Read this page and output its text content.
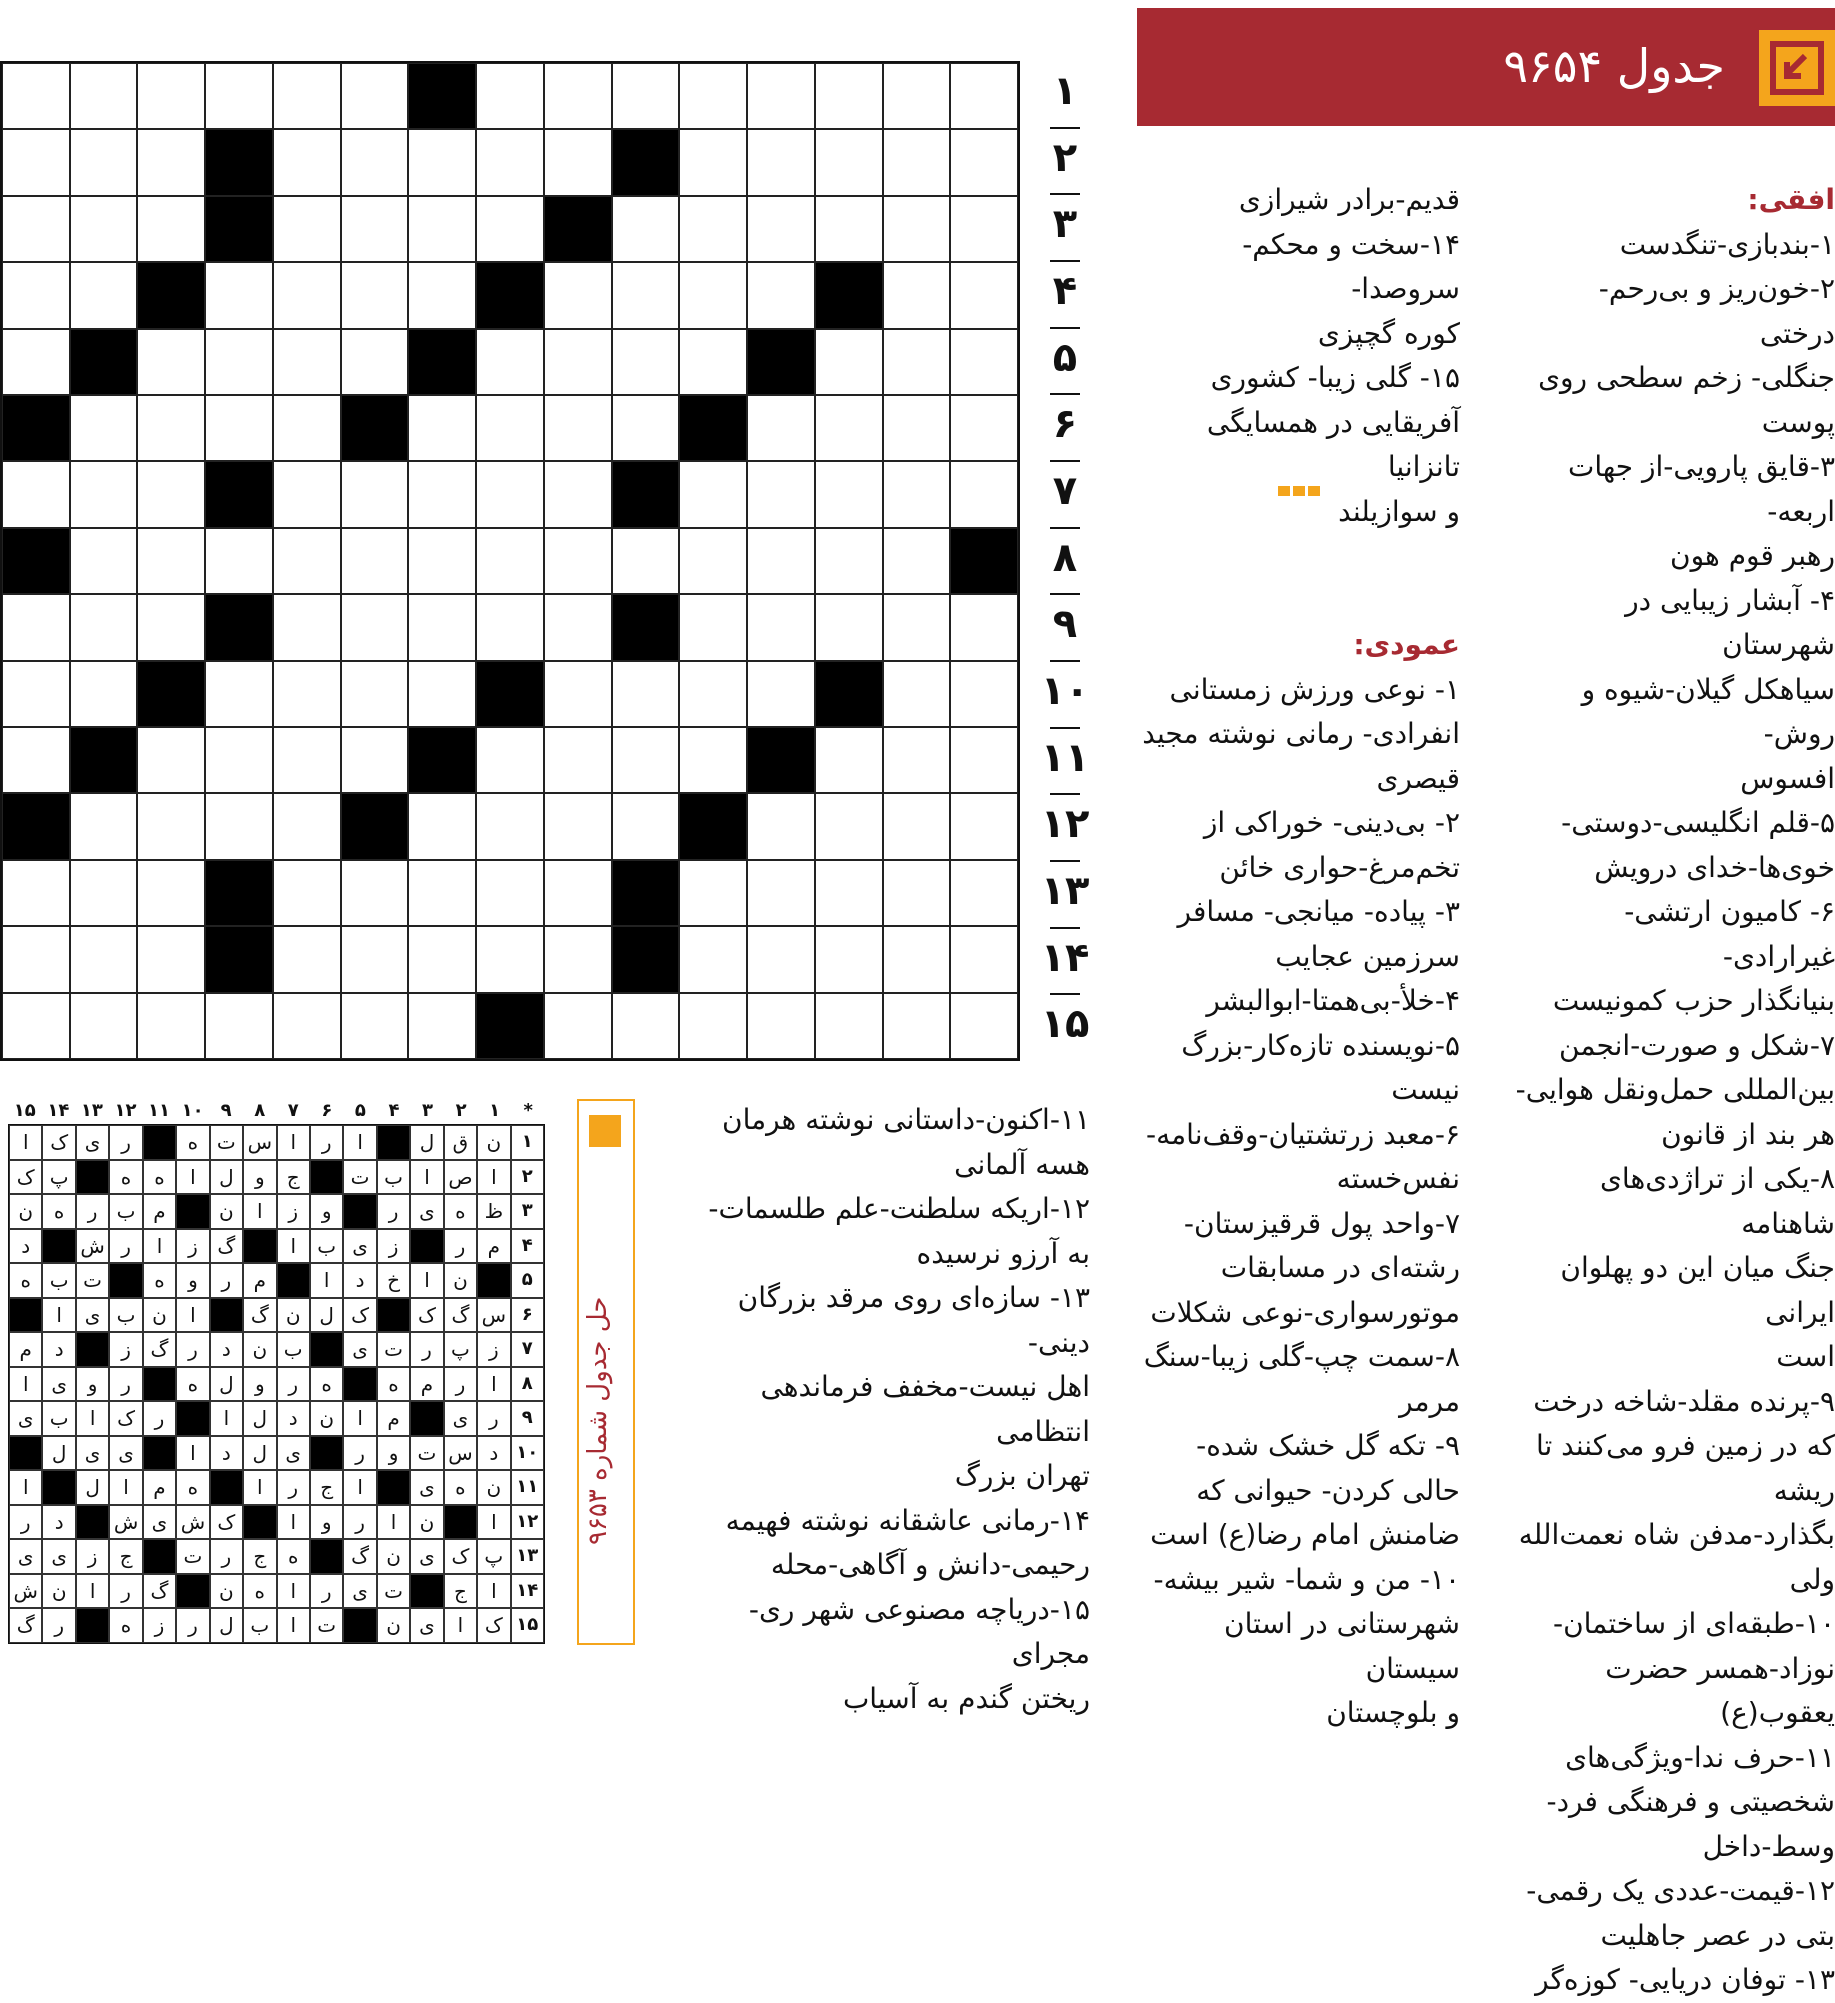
جدول ۹۶۵۴

افقی:

۱-بندبازی-تنگدست

۲-خون‌ریز و بی‌رحم- درختی

جنگلی- زخم سطحی روی

پوست

۳-قایق پارویی-از جهات اربعه-

رهبر قوم هون

۴- آبشار زیبایی در شهرستان

سیاهکل گیلان-شیوه و روش-

افسوس

۵-قلم انگلیسی-دوستی-

خوی‌ها-خدای درویش

۶- کامیون ارتشی- غیرارادی-

بنیانگذار حزب کمونیست

۷-شکل و صورت-انجمن

بین‌المللی حمل‌ونقل هوایی-

هر بند از قانون

۸-یکی از تراژدی‌های شاهنامه

جنگ میان این دو پهلوان ایرانی

است

۹-پرنده مقلد-شاخه درخت

که در زمین فرو می‌کنند تا ریشه

بگذارد-مدفن شاه نعمت‌الله ولی

۱۰-طبقه‌ای از ساختمان-

نوزاد-همسر حضرت یعقوب(ع)

۱۱-حرف ندا-ویژگی‌های

شخصیتی و فرهنگی فرد-

وسط-داخل

۱۲-قیمت-عددی یک رقمی-

بتی در عصر جاهلیت

۱۳- توفان دریایی- کوزه‌گر

قدیم-برادر شیرازی

۱۴-سخت و محکم-سروصدا-

کوره گچپزی

۱۵- گلی زیبا- کشوری

آفریقایی در همسایگی تانزانیا

و سوازیلند

عمودی:

۱- نوعی ورزش زمستانی

انفرادی- رمانی نوشته مجید

قیصری

۲- بی‌دینی- خوراکی از

تخم‌مرغ-حواری خائن

۳- پیاده- میانجی- مسافر

سرزمین عجایب

۴-خلأ-بی‌همتا-ابوالبشر

۵-نویسنده تازه‌کار-بزرگ

نیست

۶-معبد زرتشتیان-وقف‌نامه-

نفس‌خسته

۷-واحد پول قرقیزستان-

رشته‌ای در مسابقات

موتورسواری-نوعی شکلات

۸-سمت چپ-گلی زیبا-سنگ

مرمر

۹- تکه گل خشک شده-

حالی کردن- حیوانی که

ضامنش امام رضا(ع) است

۱۰- من و شما- شیر بیشه-

شهرستانی در استان سیستان

و بلوچستان

۱۱-اکنون-داستانی نوشته هرمان

هسه آلمانی

۱۲-اریکه سلطنت-علم طلسمات-

به آرزو نرسیده

۱۳- سازه‌ای روی مرقد بزرگان دینی-

اهل نیست-مخفف فرماندهی انتظامی

تهران بزرگ

۱۴-رمانی عاشقانه نوشته فهیمه

رحیمی-دانش و آگاهی-محله

۱۵-دریاچه مصنوعی شهر ری-مجرای

ریختن گندم به آسیاب

۱
۲
۳
۴
۵
۶
۷
۸
۹
۱۰
۱۱
۱۲
۱۳
۱۴
۱۵
حل جدول شماره ۹۶۵۳
*
۱
۲
۳
۴
۵
۶
۷
۸
۹
۱۰
۱۱
۱۲
۱۳
۱۴
۱۵
۱
ن
ق
ل
ا
ر
ا
س
ت
ه
ر
ی
ک
ا
۲
ا
ص
ا
ب
ت
ج
و
ل
ا
ه
ه
پ
ک
۳
ظ
ه
ی
ر
و
ز
ا
ن
م
ب
ر
ه
ن
۴
م
ر
ز
ی
ب
ا
گ
ز
ا
ر
ش
د
۵
ن
ا
خ
د
ا
م
ر
و
ه
ت
ب
ه
۶
س
گ
ک
ک
ل
ن
گ
ا
ن
ب
ی
ا
۷
ز
پ
ر
ت
ی
ب
ن
د
ر
گ
ز
د
م
۸
ا
ر
م
ه
ه
ر
و
ل
ه
ر
و
ی
ا
۹
ر
ی
م
ا
ن
د
ل
ا
ر
ک
ا
ب
ی
۱۰
د
س
ت
و
ر
ی
ل
د
ا
ی
ی
ل
۱۱
ن
ه
ی
ا
ج
ر
ا
ه
م
ا
ل
ا
۱۲
ا
ن
ا
ر
و
ا
ک
ش
ی
ش
د
ر
۱۳
پ
ک
ی
ن
گ
ه
ج
ر
ت
ج
ز
ی
ی
۱۴
ا
ج
ت
ی
ر
ا
ه
ن
گ
ر
ا
ن
ش
۱۵
ک
ا
ی
ن
ت
ا
ب
ل
ر
ز
ه
ر
گ
